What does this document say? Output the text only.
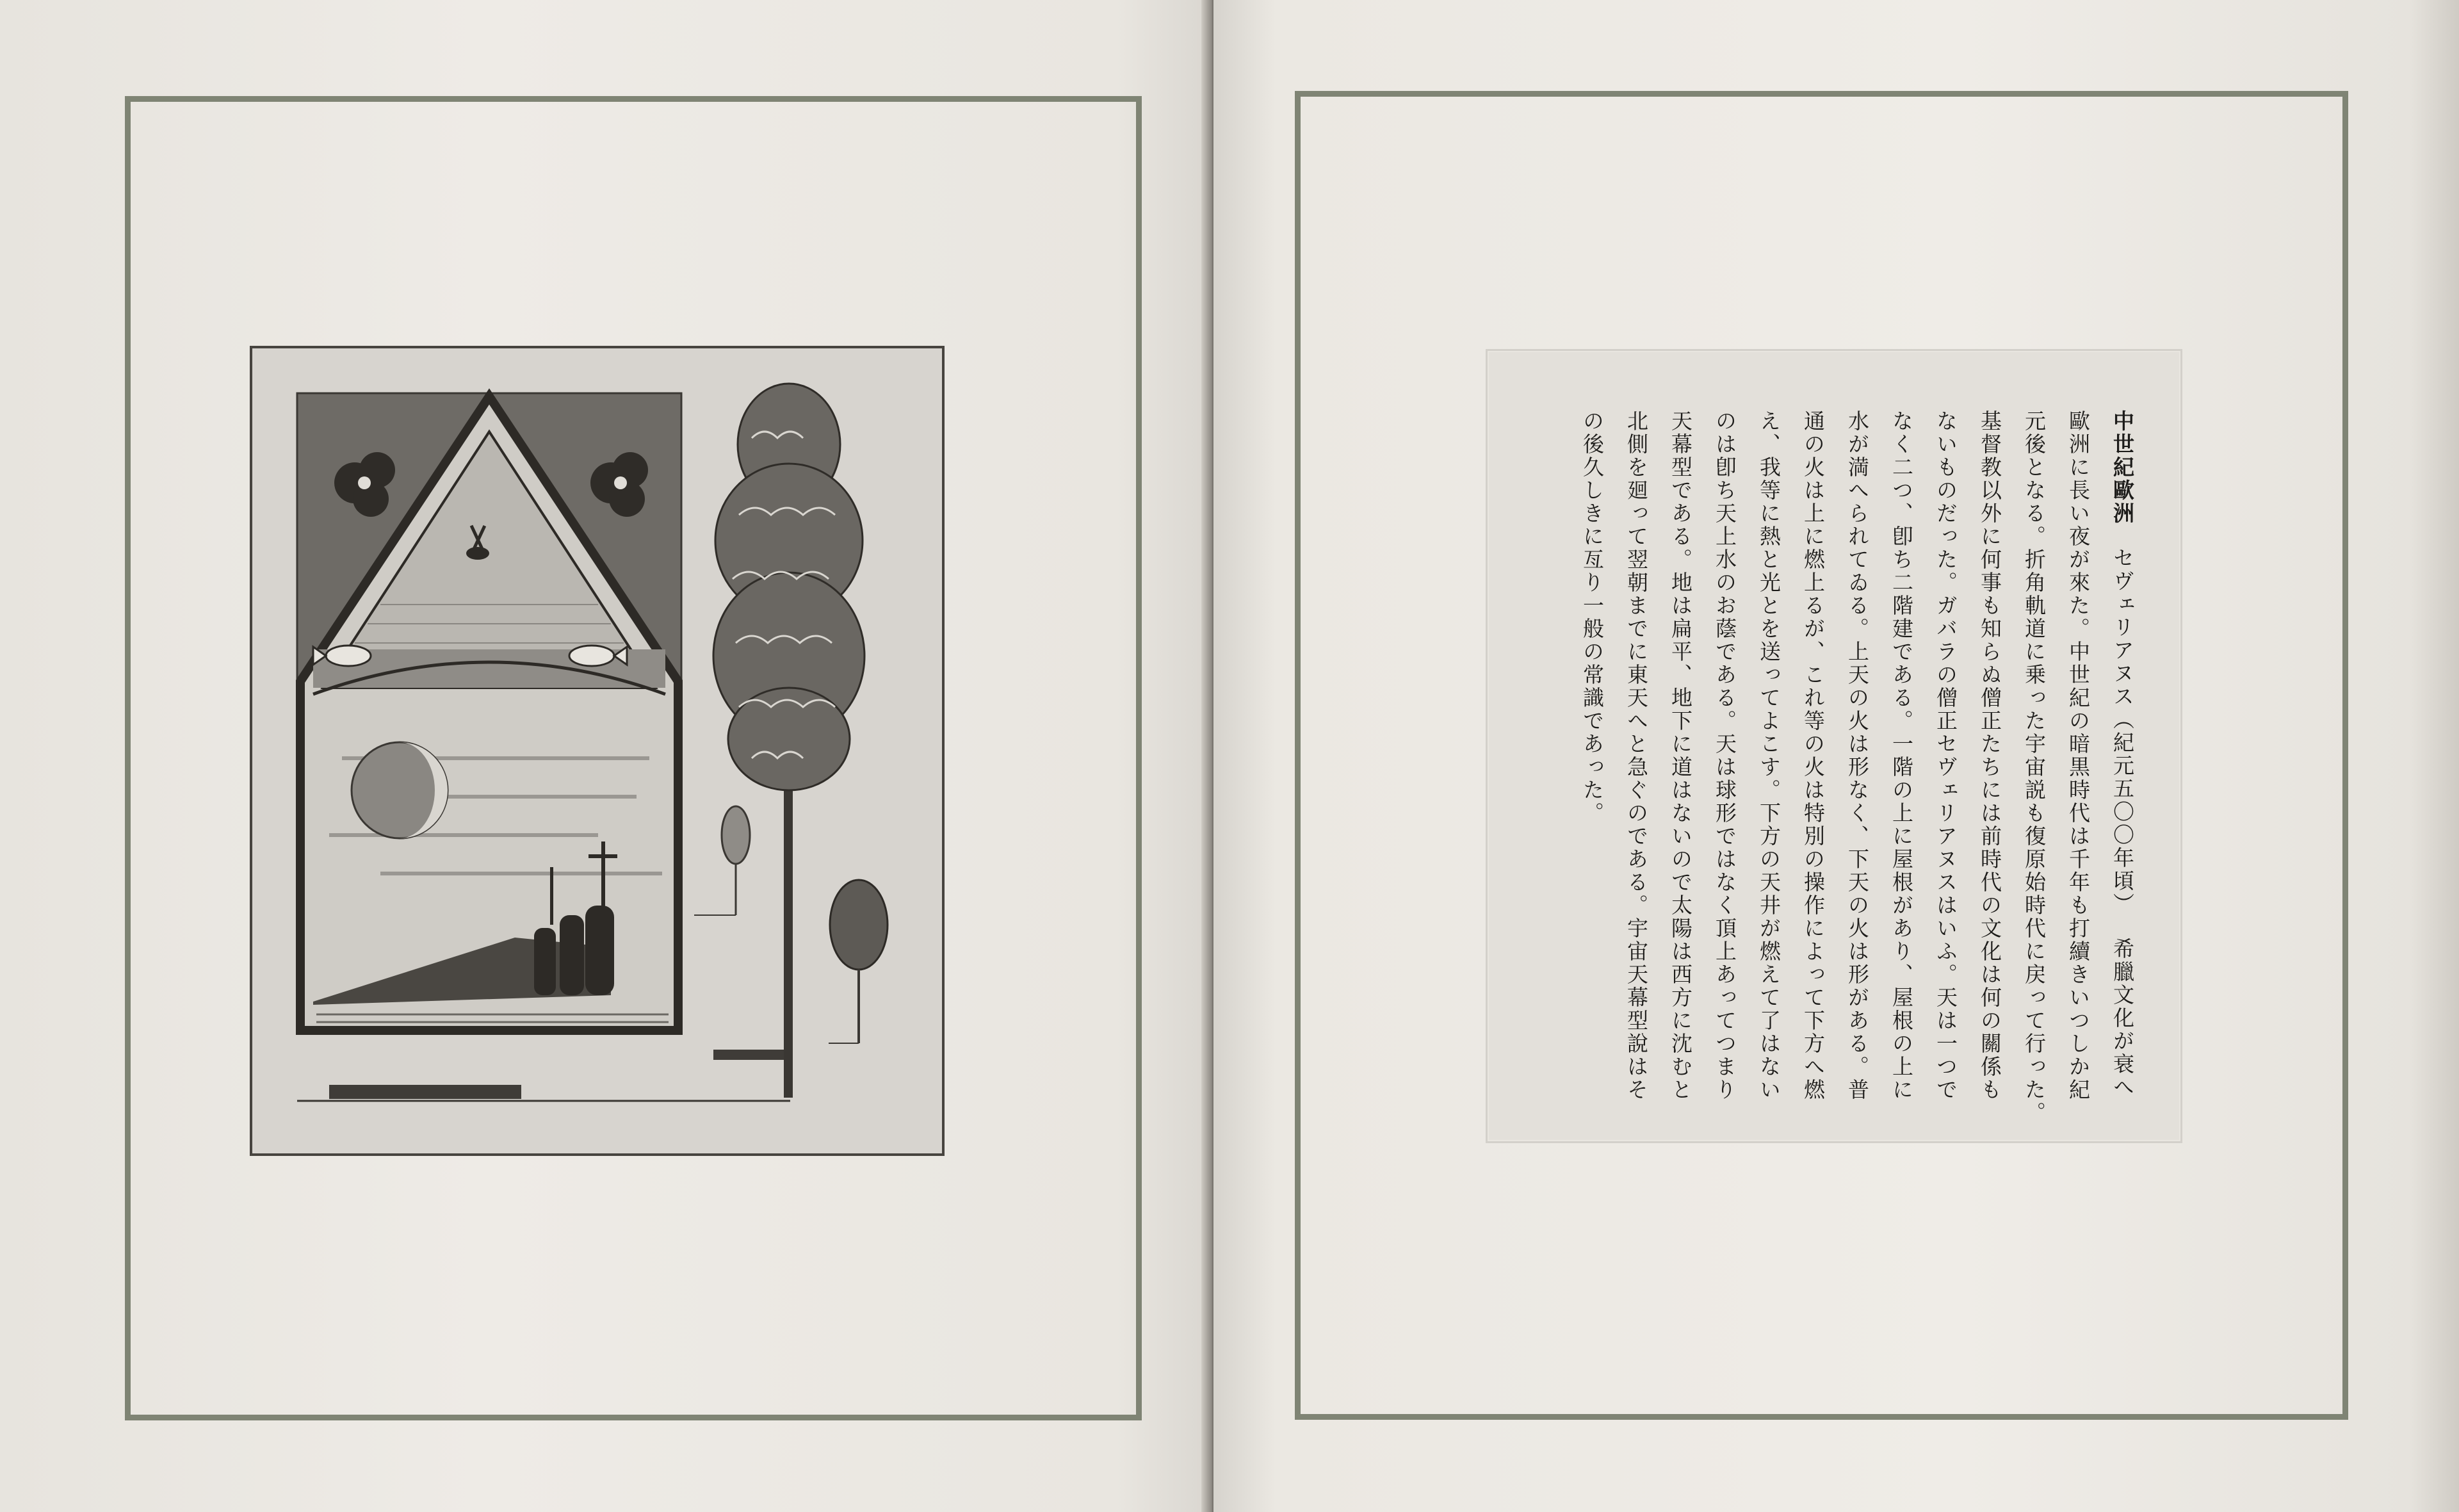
中世紀歐洲セヴェリアヌス（紀元五〇〇年頃）希臘文化が衰へ
歐洲に長い夜が來た。中世紀の暗黒時代は千年も打續きいつしか紀
元後となる。折角軌道に乗った宇宙説も復原始時代に戻って行った。
基督教以外に何事も知らぬ僧正たちには前時代の文化は何の關係も
ないものだった。ガバラの僧正セヴェリアヌスはいふ。天は一つで
なく二つ、卽ち二階建である。一階の上に屋根があり、屋根の上に
水が満へられてゐる。上天の火は形なく、下天の火は形がある。普
通の火は上に燃上るが、これ等の火は特別の操作によって下方へ燃
え、我等に熱と光とを送ってよこす。下方の天井が燃えて了はない
のは卽ち天上水のお蔭である。天は球形ではなく頂上あってつまり
天幕型である。地は扁平、地下に道はないので太陽は西方に沈むと
北側を廻って翌朝までに東天へと急ぐのである。宇宙天幕型說はそ
の後久しきに亙り一般の常識であった。
